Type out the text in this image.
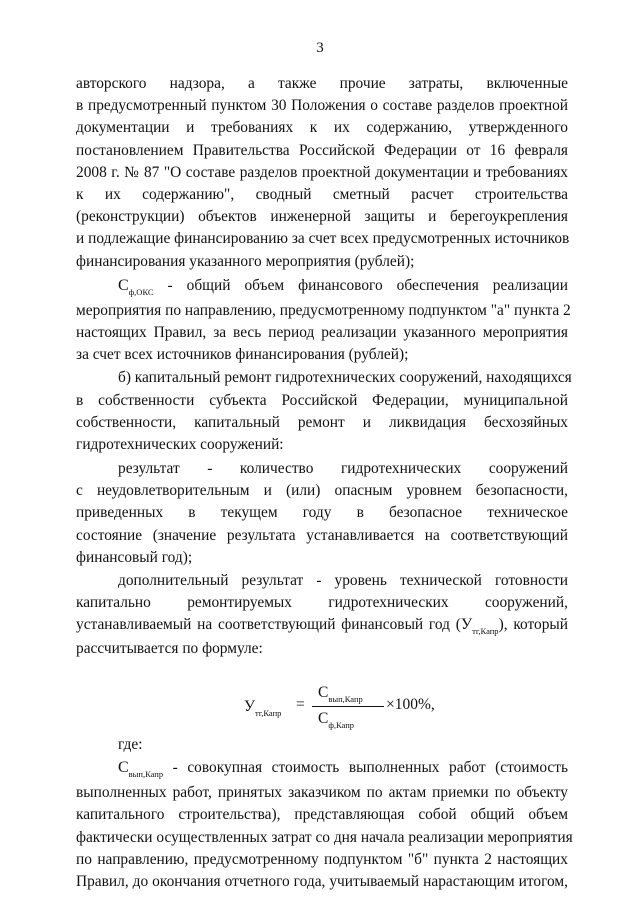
3
авторского надзора, а также прочие затраты, включенные
в предусмотренный пунктом 30 Положения о составе разделов проектной
документации и требованиях к их содержанию, утвержденного
постановлением Правительства Российской Федерации от 16 февраля
2008 г. № 87 "О составе разделов проектной документации и требованиях
к их содержанию", сводный сметный расчет строительства
(реконструкции) объектов инженерной защиты и берегоукрепления
и подлежащие финансированию за счет всех предусмотренных источников
финансирования указанного мероприятия (рублей);
$С_{ф,ОКС}$ - общий объем финансового обеспечения реализации
мероприятия по направлению, предусмотренному подпунктом "а" пункта 2
настоящих Правил, за весь период реализации указанного мероприятия
за счет всех источников финансирования (рублей);
б) капитальный ремонт гидротехнических сооружений, находящихся
в собственности субъекта Российской Федерации, муниципальной
собственности, капитальный ремонт и ликвидация бесхозяйных
гидротехнических сооружений:
результат - количество гидротехнических сооружений
с неудовлетворительным и (или) опасным уровнем безопасности,
приведенных в текущем году в безопасное техническое
состояние (значение результата устанавливается на соответствующий
финансовый год);
дополнительный результат - уровень технической готовности
капитально ремонтируемых гидротехнических сооружений,
устанавливаемый на соответствующий финансовый год $(У_{тг,Капр})$, который
рассчитывается по формуле:
$У_{тг,Капр}$ =
$С_{вып,Капр}$
$С_{ф,Капр}$
×100%,
где:
$С_{вып,Капр}$ - совокупная стоимость выполненных работ (стоимость
выполненных работ, принятых заказчиком по актам приемки по объекту
капитального строительства), представляющая собой общий объем
фактически осуществленных затрат со дня начала реализации мероприятия
по направлению, предусмотренному подпунктом "б" пункта 2 настоящих
Правил, до окончания отчетного года, учитываемый нарастающим итогом,
